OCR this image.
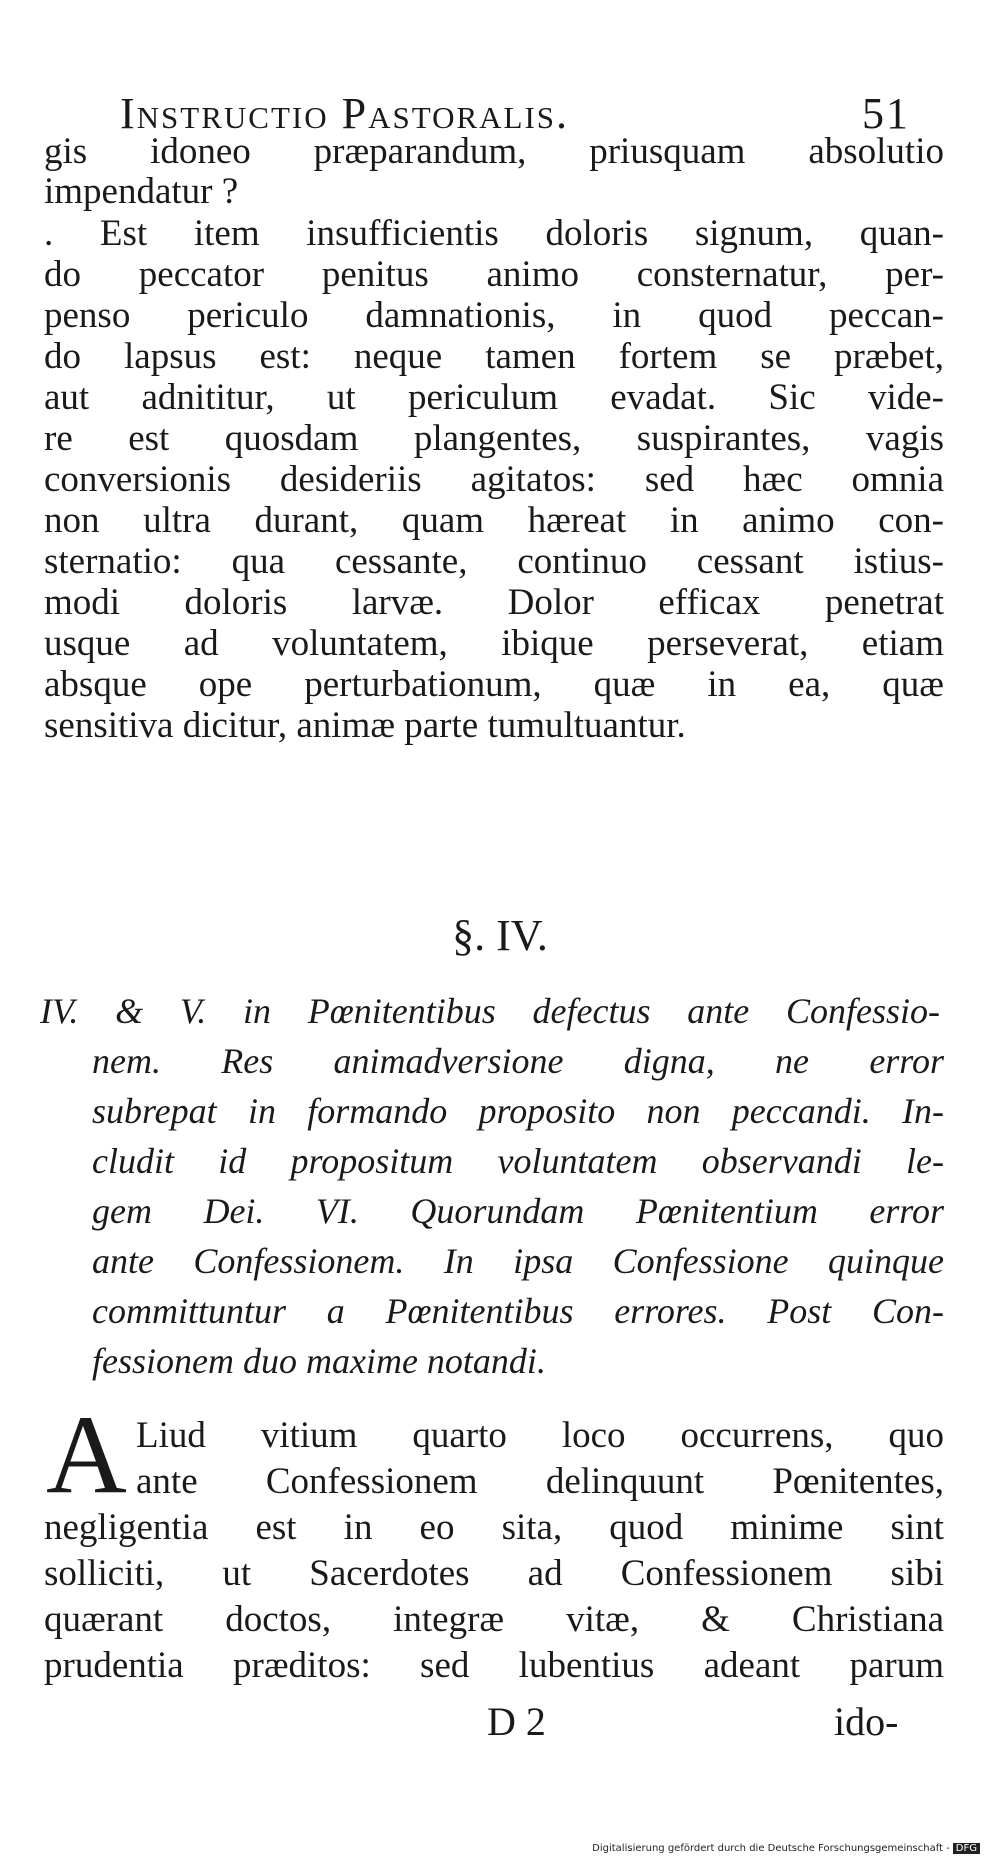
Instructio Pastoralis.	51
gis idoneo præparandum, priusquam absolutio
impendatur ?
. Est item insufficientis doloris signum, quan-
do peccator penitus animo consternatur, per-
penso periculo damnationis, in quod peccan-
do lapsus est: neque tamen fortem se præbet,
aut adnititur, ut periculum evadat. Sic vide-
re est quosdam plangentes, suspirantes, vagis
conversionis desideriis agitatos: sed hæc omnia
non ultra durant, quam hæreat in animo con-
sternatio: qua cessante, continuo cessant istius-
modi doloris larvæ. Dolor efficax penetrat
usque ad voluntatem, ibique perseverat, etiam
absque ope perturbationum, quæ in ea, quæ
sensitiva dicitur, animæ parte tumultuantur.
§. IV.
IV. & V. in Pœnitentibus defectus ante Confessio-
nem. Res animadversione digna, ne error
subrepat in formando proposito non peccandi. In-
cludit id propositum voluntatem observandi le-
gem Dei. VI. Quorundam Pœnitentium error
ante Confessionem. In ipsa Confessione quinque
committuntur a Pœnitentibus errores. Post Con-
fessionem duo maxime notandi.
A Liud vitium quarto loco occurrens, quo
ante Confessionem delinquunt Pœnitentes,
negligentia est in eo sita, quod minime sint
solliciti, ut Sacerdotes ad Confessionem sibi
quærant doctos, integræ vitæ, & Christiana
prudentia præditos: sed lubentius adeant parum
D 2	ido-
Digitalisierung gefördert durch die Deutsche Forschungsgemeinschaft - DFG
